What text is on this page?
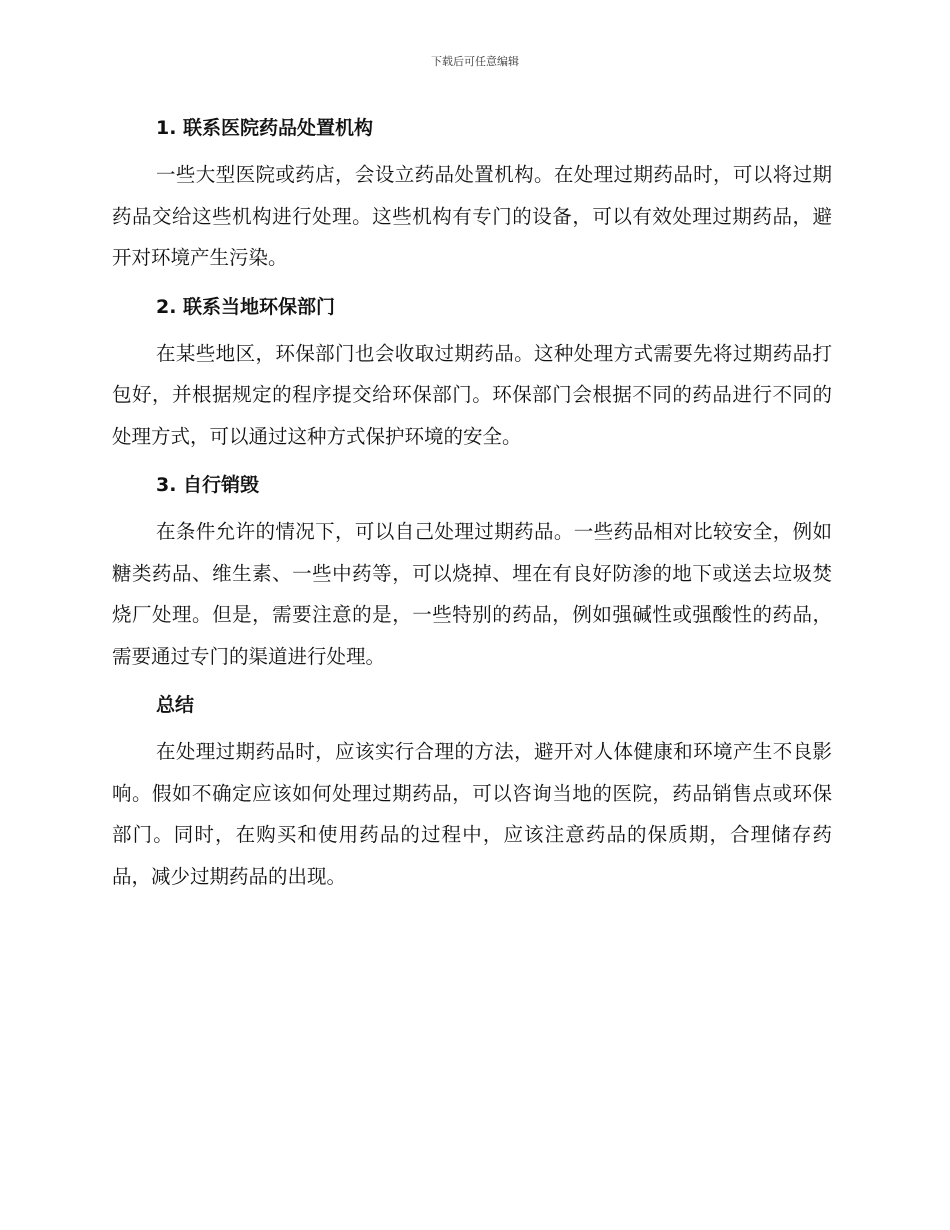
下载后可任意编辑
1. 联系医院药品处置机构

一些大型医院或药店，会设立药品处置机构。在处理过期药品时，可以将过期药品交给这些机构进行处理。这些机构有专门的设备，可以有效处理过期药品，避开对环境产生污染。

2. 联系当地环保部门

在某些地区，环保部门也会收取过期药品。这种处理方式需要先将过期药品打包好，并根据规定的程序提交给环保部门。环保部门会根据不同的药品进行不同的处理方式，可以通过这种方式保护环境的安全。

3. 自行销毁

在条件允许的情况下，可以自己处理过期药品。一些药品相对比较安全，例如糖类药品、维生素、一些中药等，可以烧掉、埋在有良好防渗的地下或送去垃圾焚烧厂处理。但是，需要注意的是，一些特别的药品，例如强碱性或强酸性的药品，需要通过专门的渠道进行处理。

总结

在处理过期药品时，应该实行合理的方法，避开对人体健康和环境产生不良影响。假如不确定应该如何处理过期药品，可以咨询当地的医院，药品销售点或环保部门。同时，在购买和使用药品的过程中，应该注意药品的保质期，合理储存药品，减少过期药品的出现。
